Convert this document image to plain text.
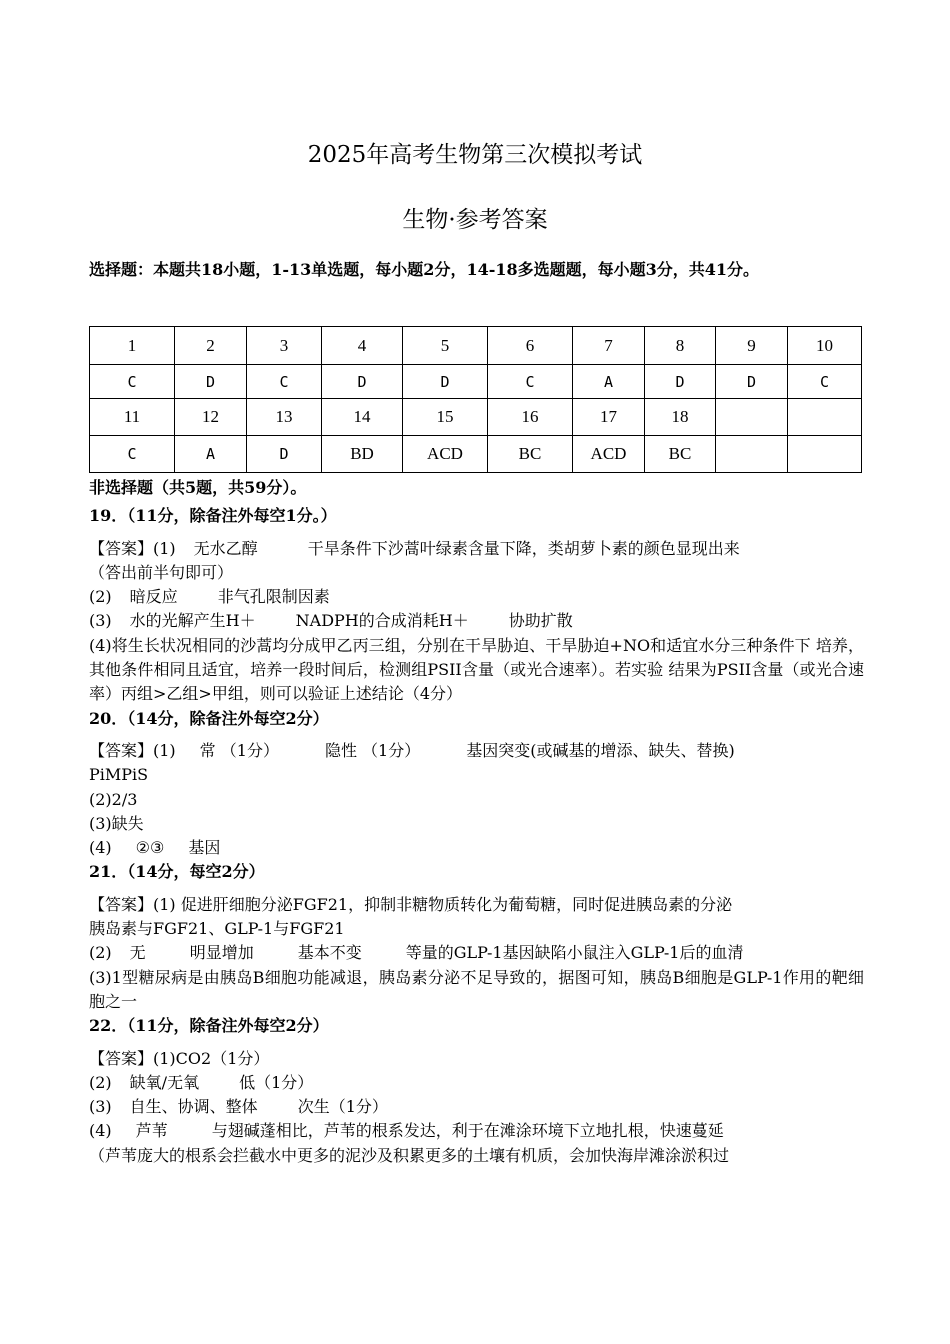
2025年高考生物第三次模拟考试
生物·参考答案
选择题：本题共18小题，1-13单选题，每小题2分，14-18多选题题，每小题3分，共41分。
1	2	3	4	5	6	7	8	9	10
C	D	C	D	D	C	A	D	D	C
11	12	13	14	15	16	17	18		
C	A	D	BD	ACD	BC	ACD	BC		
非选择题（共5题，共59分）。
19．（11分，除备注外每空1分。）
【答案】(1) 无水乙醇	干旱条件下沙蒿叶绿素含量下降，类胡萝卜素的颜色显现出来
（答出前半句即可）
(2) 暗反应	非气孔限制因素
(3) 水的光解产生H＋	NADPH的合成消耗H＋	协助扩散
(4)将生长状况相同的沙蒿均分成甲乙丙三组，分别在干旱胁迫、干旱胁迫+NO和适宜水分三种条件下 培养，其他条件相同且适宜，培养一段时间后，检测组PSII含量（或光合速率）。若实验 结果为PSII含量（或光合速率）丙组>乙组>甲组，则可以验证上述结论（4分）
20．（14分，除备注外每空2分）
【答案】(1) 常 （1分）	隐性 （1分）	基因突变(或碱基的增添、缺失、替换)
PiMPiS
(2)2/3
(3)缺失
(4) ②③ 基因
21．（14分，每空2分）
【答案】(1) 促进肝细胞分泌FGF21，抑制非糖物质转化为葡萄糖，同时促进胰岛素的分泌
胰岛素与FGF21、GLP-1与FGF21
(2) 无	明显增加	基本不变	等量的GLP-1基因缺陷小鼠注入GLP-1后的血清
(3)1型糖尿病是由胰岛B细胞功能减退，胰岛素分泌不足导致的，据图可知，胰岛B细胞是GLP-1作用的靶细胞之一
22．（11分，除备注外每空2分）
【答案】(1)CO2（1分）
(2) 缺氧/无氧	低（1分）
(3) 自生、协调、整体	次生（1分）
(4) 芦苇	与翅碱蓬相比，芦苇的根系发达，利于在滩涂环境下立地扎根，快速蔓延
（芦苇庞大的根系会拦截水中更多的泥沙及积累更多的土壤有机质，会加快海岸滩涂淤积过
